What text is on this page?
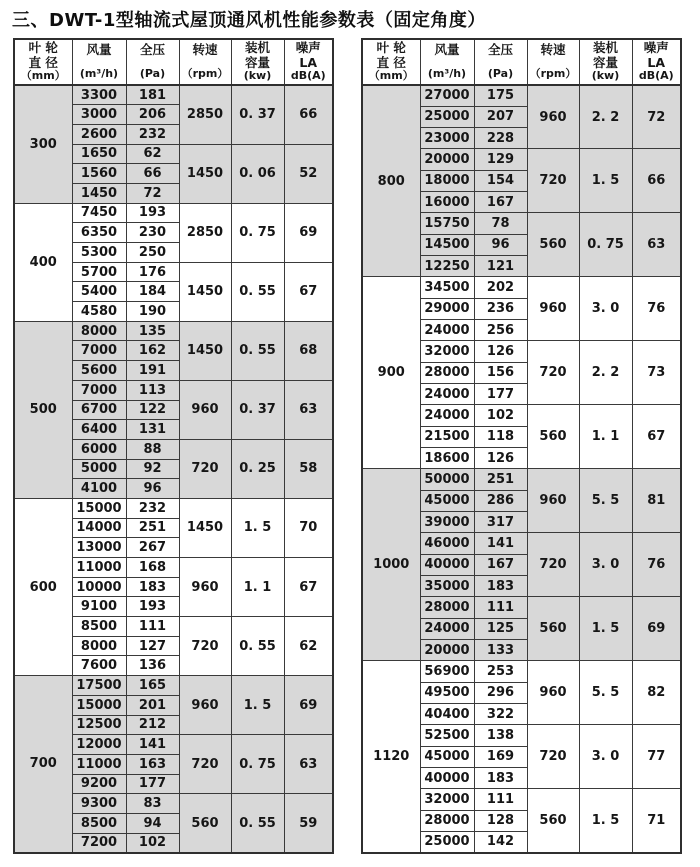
三、DWT-1型轴流式屋顶通风机性能参数表（固定角度）
叶 轮
直 径
（mm）

风量
(m³/h)

全压
(Pa)

转速
（rpm）

装机
容量
(kw)

噪声
LA
dB(A)

300	3300	181	2850	0. 37	66
	3000	206			
	2600	232			
	1650	62	1450	0. 06	52
	1560	66			
	1450	72			
400	7450	193	2850	0. 75	69
	6350	230			
	5300	250			
	5700	176	1450	0. 55	67
	5400	184			
	4580	190			
500	8000	135	1450	0. 55	68
	7000	162			
	5600	191			
	7000	113	960	0. 37	63
	6700	122			
	6400	131			
	6000	88	720	0. 25	58
	5000	92			
	4100	96			
600	15000	232	1450	1. 5	70
	14000	251			
	13000	267			
	11000	168	960	1. 1	67
	10000	183			
	9100	193			
	8500	111	720	0. 55	62
	8000	127			
	7600	136			
700	17500	165	960	1. 5	69
	15000	201			
	12500	212			
	12000	141	720	0. 75	63
	11000	163			
	9200	177			
	9300	83	560	0. 55	59
	8500	94			
	7200	102			
叶 轮
直 径
（mm）

风量
(m³/h)

全压
(Pa)

转速
（rpm）

装机
容量
(kw)

噪声
LA
dB(A)

800	27000	175	960	2. 2	72
	25000	207			
	23000	228			
	20000	129	720	1. 5	66
	18000	154			
	16000	167			
	15750	78	560	0. 75	63
	14500	96			
	12250	121			
900	34500	202	960	3. 0	76
	29000	236			
	24000	256			
	32000	126	720	2. 2	73
	28000	156			
	24000	177			
	24000	102	560	1. 1	67
	21500	118			
	18600	126			
1000	50000	251	960	5. 5	81
	45000	286			
	39000	317			
	46000	141	720	3. 0	76
	40000	167			
	35000	183			
	28000	111	560	1. 5	69
	24000	125			
	20000	133			
1120	56900	253	960	5. 5	82
	49500	296			
	40400	322			
	52500	138	720	3. 0	77
	45000	169			
	40000	183			
	32000	111	560	1. 5	71
	28000	128			
	25000	142			
